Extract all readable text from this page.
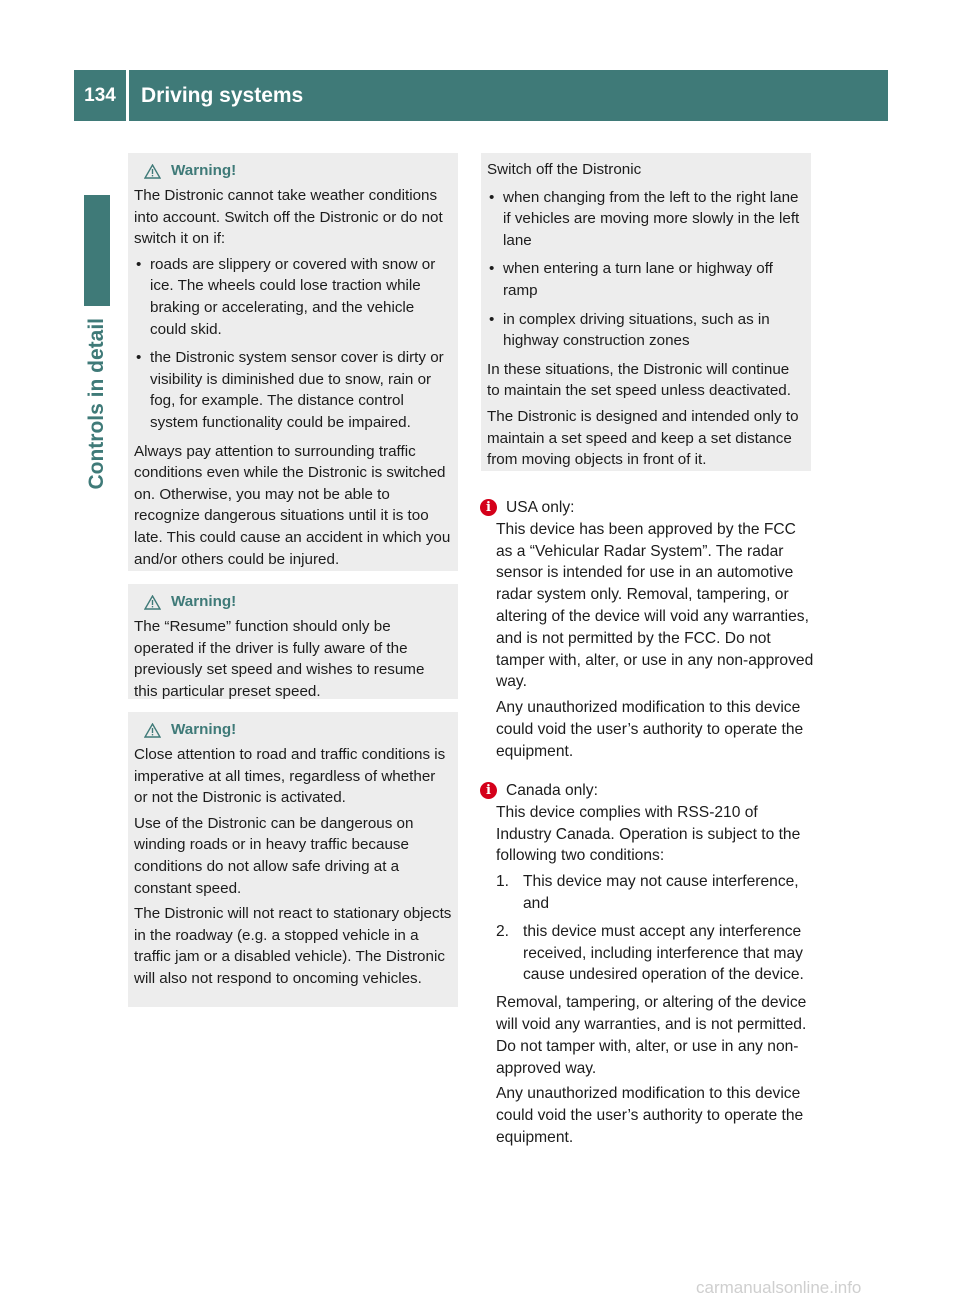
134	Driving systems
Controls in detail
Warning!

The Distronic cannot take weather conditions into account. Switch off the Distronic or do not switch it on if:

• roads are slippery or covered with snow or ice. The wheels could lose traction while braking or accelerating, and the vehicle could skid.
• the Distronic system sensor cover is dirty or visibility is diminished due to snow, rain or fog, for example. The distance control system functionality could be impaired.

Always pay attention to surrounding traffic conditions even while the Distronic is switched on. Otherwise, you may not be able to recognize dangerous situations until it is too late. This could cause an accident in which you and/or others could be injured.

Warning!

The “Resume” function should only be operated if the driver is fully aware of the previously set speed and wishes to resume this particular preset speed.

Warning!

Close attention to road and traffic conditions is imperative at all times, regardless of whether or not the Distronic is activated.

Use of the Distronic can be dangerous on winding roads or in heavy traffic because conditions do not allow safe driving at a constant speed.

The Distronic will not react to stationary objects in the roadway (e.g. a stopped vehicle in a traffic jam or a disabled vehicle). The Distronic will also not respond to oncoming vehicles.

Switch off the Distronic

• when changing from the left to the right lane if vehicles are moving more slowly in the left lane
• when entering a turn lane or highway off ramp
• in complex driving situations, such as in highway construction zones

In these situations, the Distronic will continue to maintain the set speed unless deactivated.

The Distronic is designed and intended only to maintain a set speed and keep a set distance from moving objects in front of it.

i USA only:

This device has been approved by the FCC as a “Vehicular Radar System”. The radar sensor is intended for use in an automotive radar system only. Removal, tampering, or altering of the device will void any warranties, and is not permitted by the FCC. Do not tamper with, alter, or use in any non-approved way.

Any unauthorized modification to this device could void the user’s authority to operate the equipment.

i Canada only:

This device complies with RSS-210 of Industry Canada. Operation is subject to the following two conditions:

1. This device may not cause interference, and
2. this device must accept any interference received, including interference that may cause undesired operation of the device.

Removal, tampering, or altering of the device will void any warranties, and is not permitted. Do not tamper with, alter, or use in any non-approved way.

Any unauthorized modification to this device could void the user’s authority to operate the equipment.

carmanualsonline.info
